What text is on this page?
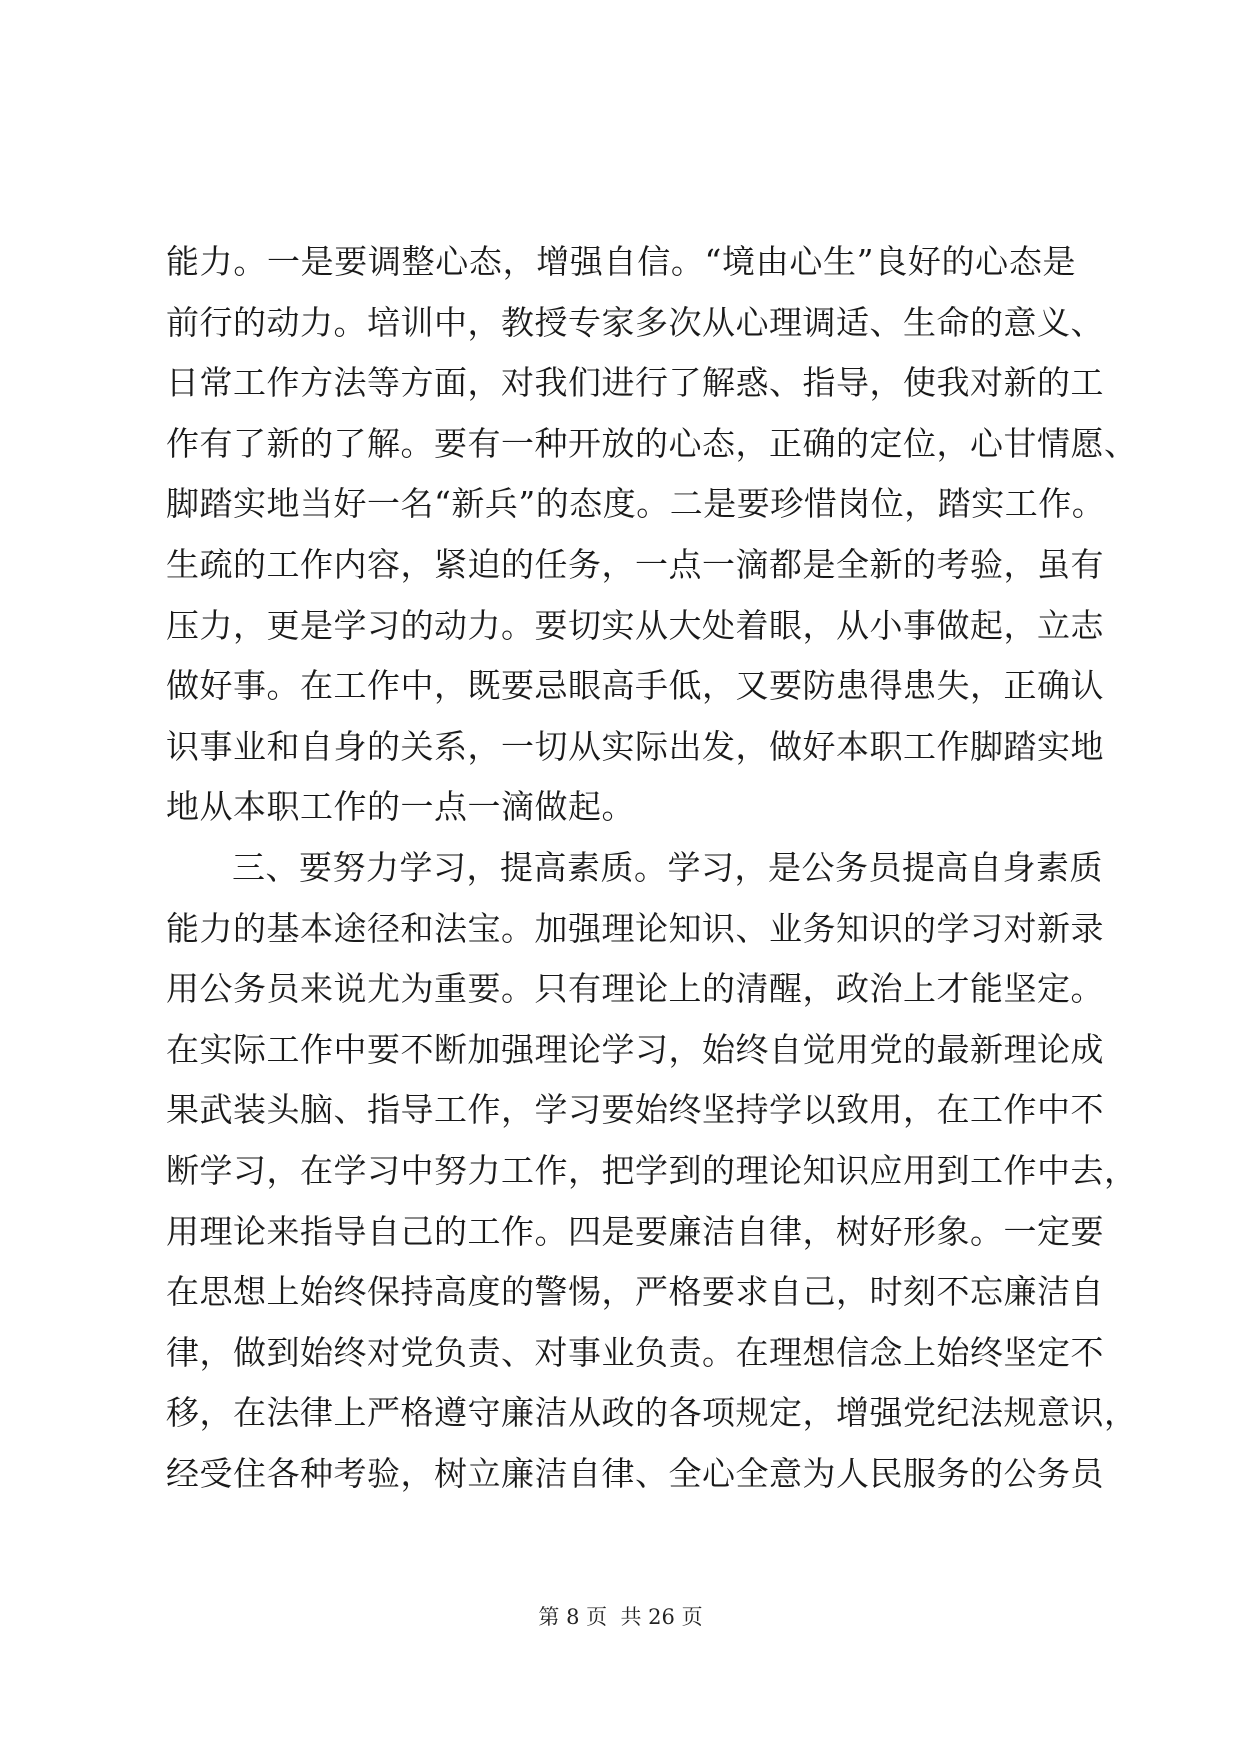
能力。一是要调整心态，增强自信。“境由心生”良好的心态是
前行的动力。培训中，教授专家多次从心理调适、生命的意义、
日常工作方法等方面，对我们进行了解惑、指导，使我对新的工
作有了新的了解。要有一种开放的心态，正确的定位，心甘情愿、
脚踏实地当好一名“新兵”的态度。二是要珍惜岗位，踏实工作。
生疏的工作内容，紧迫的任务，一点一滴都是全新的考验，虽有
压力，更是学习的动力。要切实从大处着眼，从小事做起，立志
做好事。在工作中，既要忌眼高手低，又要防患得患失，正确认
识事业和自身的关系，一切从实际出发，做好本职工作脚踏实地
地从本职工作的一点一滴做起。
三、要努力学习，提高素质。学习，是公务员提高自身素质
能力的基本途径和法宝。加强理论知识、业务知识的学习对新录
用公务员来说尤为重要。只有理论上的清醒，政治上才能坚定。
在实际工作中要不断加强理论学习，始终自觉用党的最新理论成
果武装头脑、指导工作，学习要始终坚持学以致用，在工作中不
断学习，在学习中努力工作，把学到的理论知识应用到工作中去，
用理论来指导自己的工作。四是要廉洁自律，树好形象。一定要
在思想上始终保持高度的警惕，严格要求自己，时刻不忘廉洁自
律，做到始终对党负责、对事业负责。在理想信念上始终坚定不
移，在法律上严格遵守廉洁从政的各项规定，增强党纪法规意识，
经受住各种考验，树立廉洁自律、全心全意为人民服务的公务员
第 8 页 共 26 页
